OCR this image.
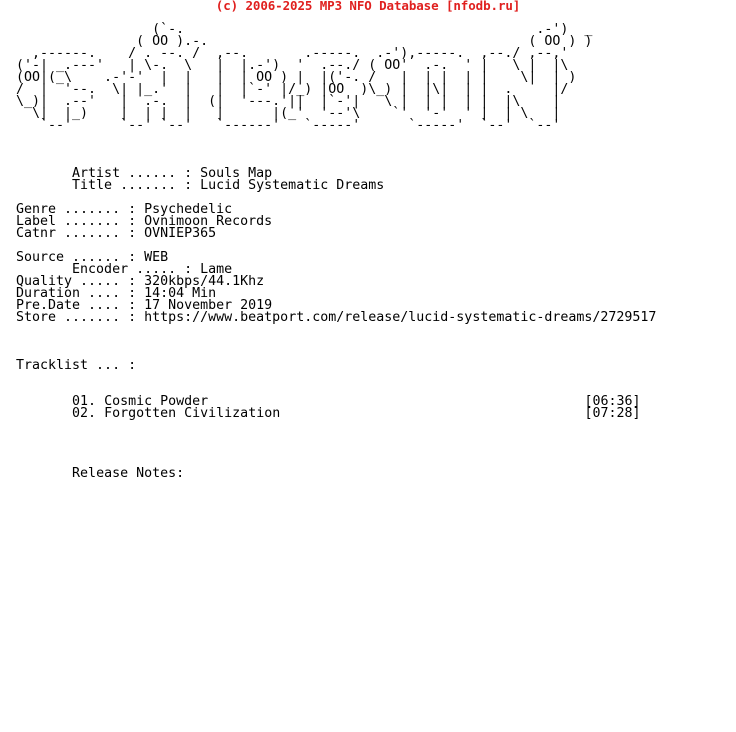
(c) 2006-2025 MP3 NFO Database [nfodb.ru]
(`-.                                            .-')  _
( OO ).-.                                        ( OO ) )
,------.    / . --. /  ,--.       .-----.  .-'),-----.  ,--./ ,--,'
('-| _.---'   | \-.  \   |  |.-')  '  .--./ ( OO'  .-.  ' |   \ |  |\
(OO|(_\    .-'-'  |  |   |  | OO ) |  |('-. /   |  | |  | |    \|  | )
/  |  '--.  \| |_.'  |   |  |`-' |/_) |OO  )\_) |  |\|  | |  .     |/
\_)|  .--'   |  .-.  |  (|  '---.'||  |`-'|   \ |  | |  | |  |\    |
\|  |_)    |  | |  |   |      |(_'  '--'\    `'  '-'  ' |  | \   |
`--'      `--' `--'   `------'   `-----'      `-----'  `--'  `--'
Artist ...... : Souls Map
Title ....... : Lucid Systematic Dreams
Genre ....... : Psychedelic
Label ....... : Ovnimoon Records
Catnr ....... : OVNIEP365
Source ...... : WEB
Encoder ..... : Lame
Quality ..... : 320kbps/44.1Khz
Duration .... : 14:04 Min
Pre.Date .... : 17 November 2019
Store ....... : https://www.beatport.com/release/lucid-systematic-dreams/2729517
Tracklist ... :
01. Cosmic Powder	[06:36]
02. Forgotten Civilization	[07:28]
Release Notes:
